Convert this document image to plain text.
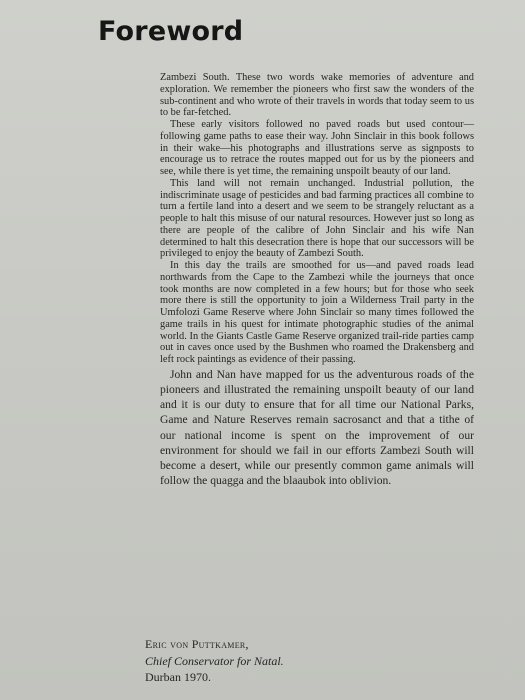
Foreword

Zambezi South. These two words wake memories of adventure and exploration. We remember the pioneers who first saw the wonders of the sub-continent and who wrote of their travels in words that today seem to us to be far-fetched.

These early visitors followed no paved roads but used contour—following game paths to ease their way. John Sinclair in this book follows in their wake—his photographs and illustrations serve as signposts to encourage us to retrace the routes mapped out for us by the pioneers and see, while there is yet time, the remaining unspoilt beauty of our land.

This land will not remain unchanged. Industrial pollution, the indiscriminate usage of pesticides and bad farming practices all combine to turn a fertile land into a desert and we seem to be strangely reluctant as a people to halt this misuse of our natural resources. However just so long as there are people of the calibre of John Sinclair and his wife Nan determined to halt this desecration there is hope that our successors will be privileged to enjoy the beauty of Zambezi South.

In this day the trails are smoothed for us—and paved roads lead northwards from the Cape to the Zambezi while the journeys that once took months are now completed in a few hours; but for those who seek more there is still the opportunity to join a Wilderness Trail party in the Umfolozi Game Reserve where John Sinclair so many times followed the game trails in his quest for intimate photographic studies of the animal world. In the Giants Castle Game Reserve organized trail-ride parties camp out in caves once used by the Bushmen who roamed the Drakensberg and left rock paintings as evidence of their passing.

John and Nan have mapped for us the adventurous roads of the pioneers and illustrated the remaining unspoilt beauty of our land and it is our duty to ensure that for all time our National Parks, Game and Nature Reserves remain sacrosanct and that a tithe of our national income is spent on the improvement of our environment for should we fail in our efforts Zambezi South will become a desert, while our presently common game animals will follow the quagga and the blaaubok into oblivion.

Eric von Puttkamer,
Chief Conservator for Natal.
Durban 1970.
